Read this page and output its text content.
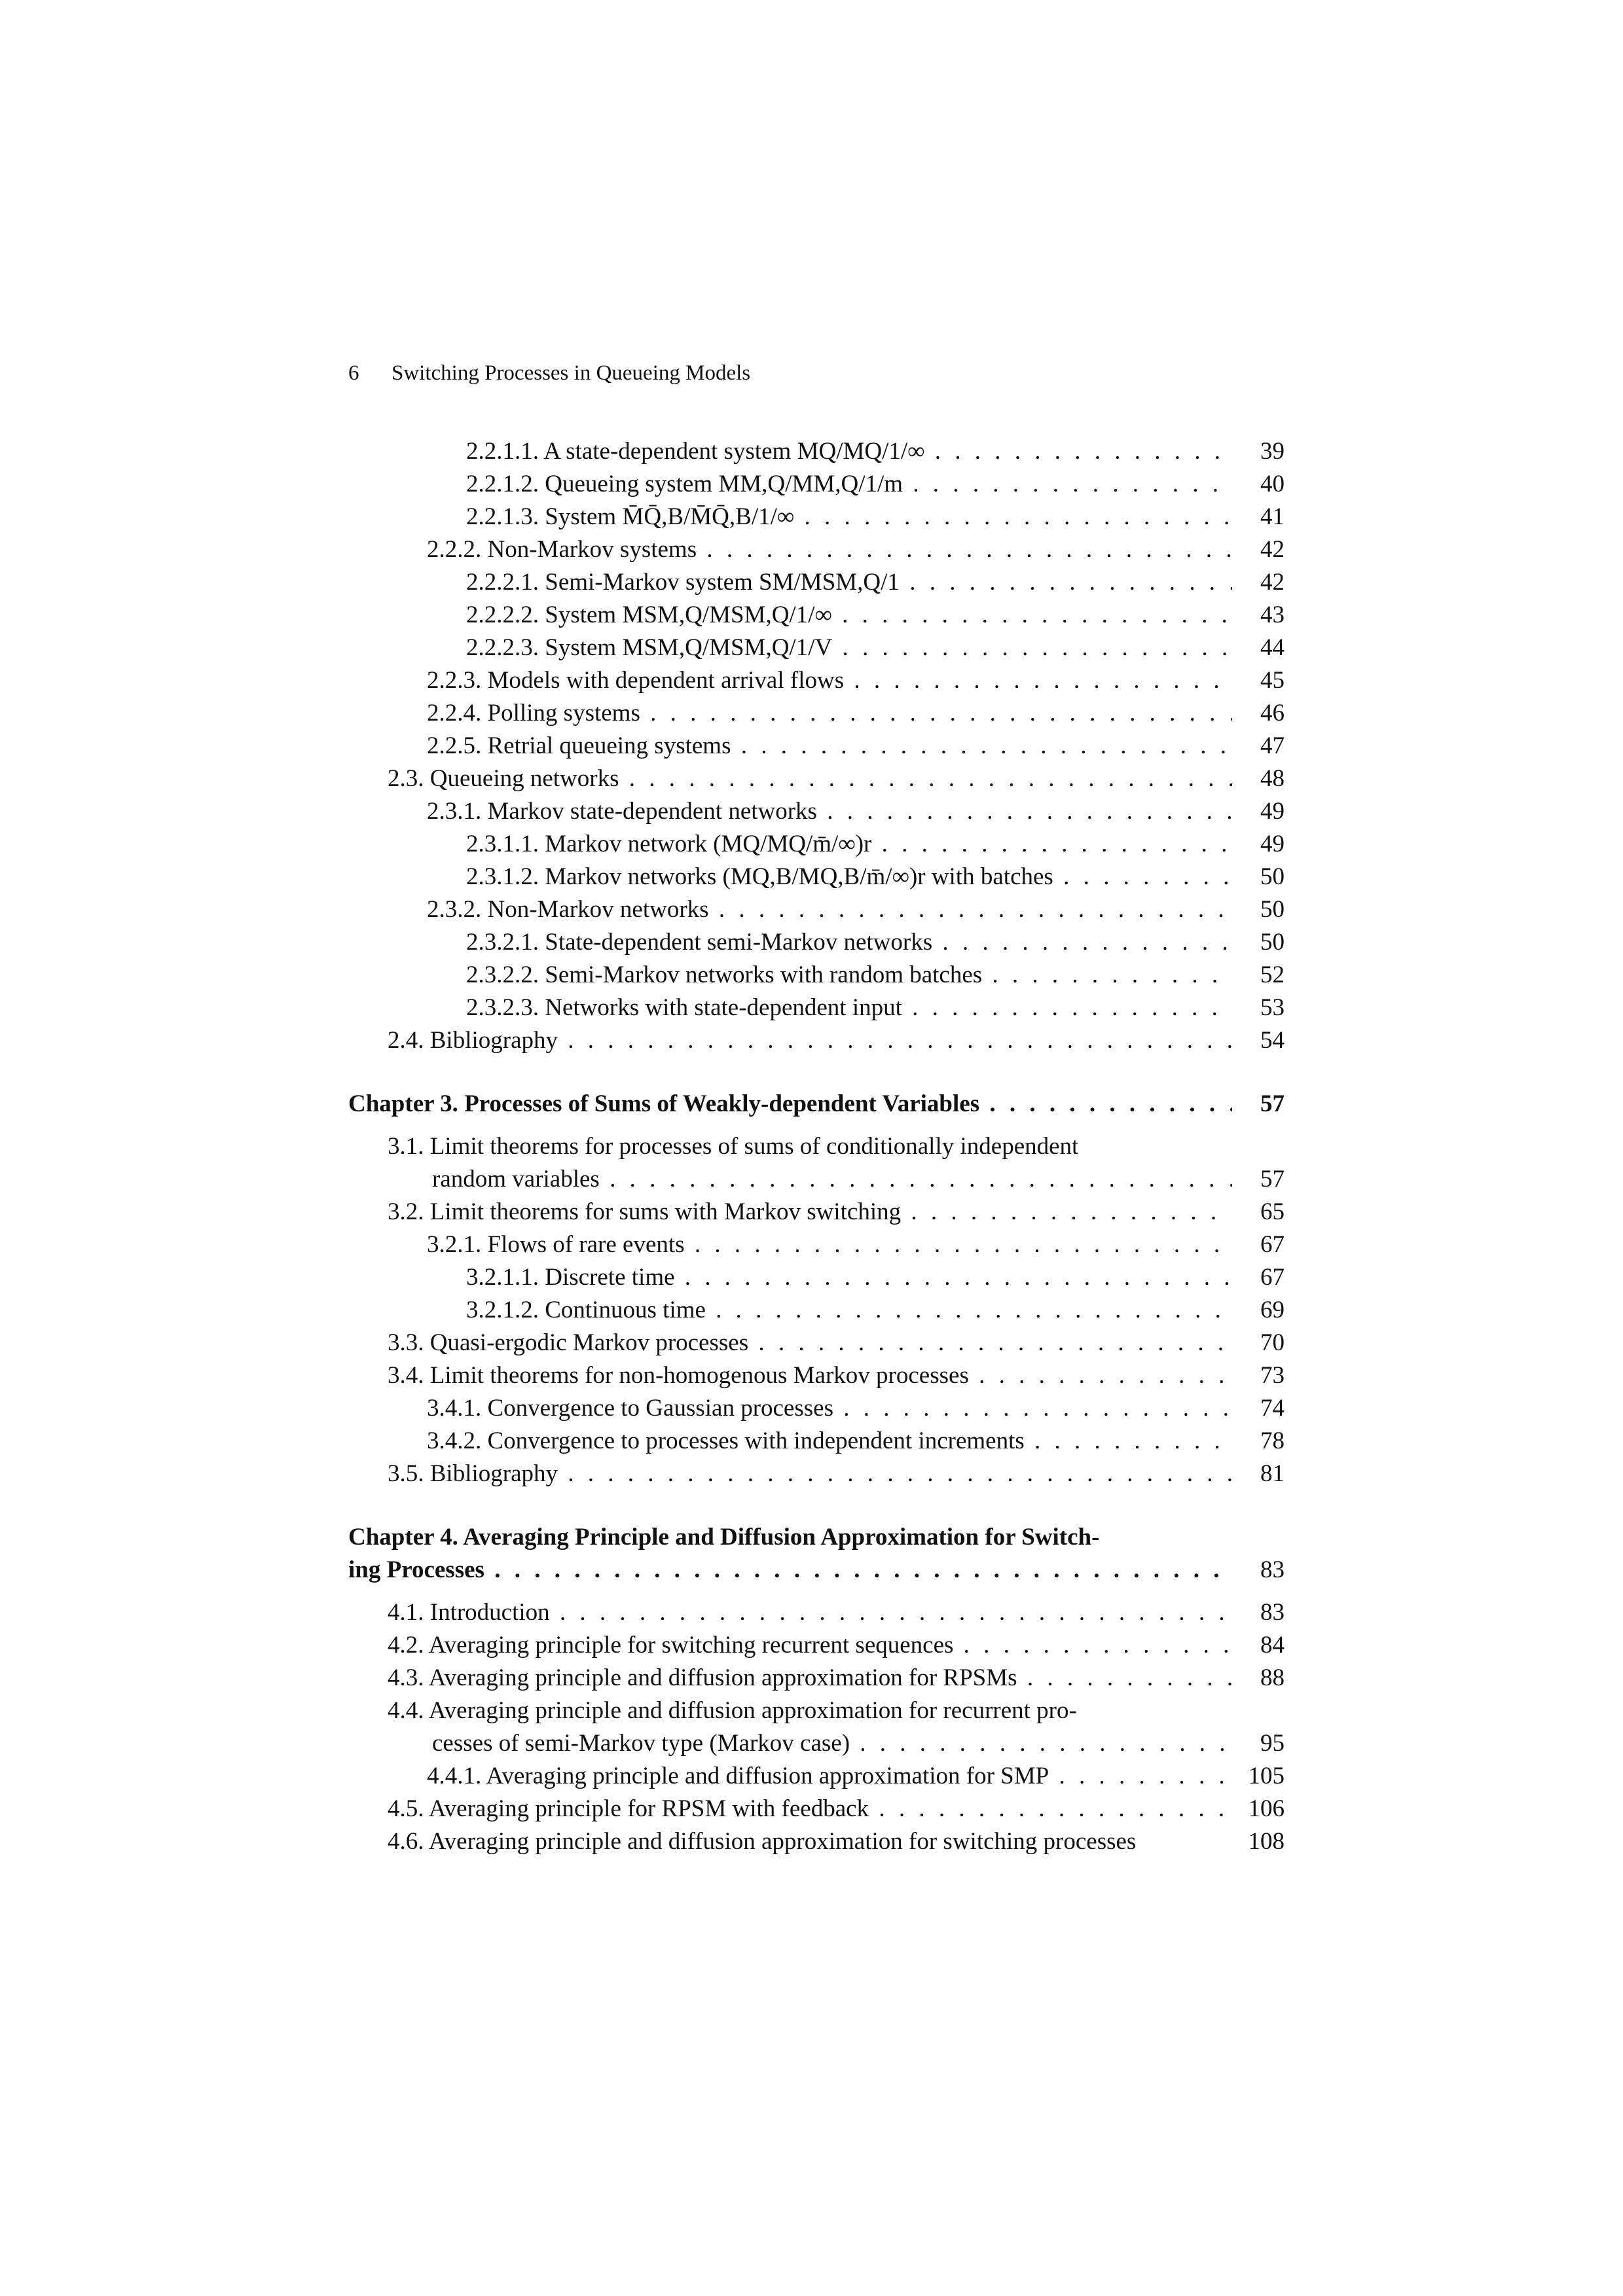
6 Switching Processes in Queueing Models
2.2.1.1. A state-dependent system MQ/MQ/1/∞ . . .	39
2.2.1.2. Queueing system MM,Q/MM,Q/1/m . . .	40
2.2.1.3. System M̄Q̄,B/M̄Q̄,B/1/∞ . . .	41
2.2.2. Non-Markov systems . . .	42
2.2.2.1. Semi-Markov system SM/MSM,Q/1 . . .	42
2.2.2.2. System MSM,Q/MSM,Q/1/∞ . . .	43
2.2.2.3. System MSM,Q/MSM,Q/1/V . . .	44
2.2.3. Models with dependent arrival flows . . .	45
2.2.4. Polling systems . . .	46
2.2.5. Retrial queueing systems . . .	47
2.3. Queueing networks . . .	48
2.3.1. Markov state-dependent networks . . .	49
2.3.1.1. Markov network (MQ/MQ/m̄/∞)r . . .	49
2.3.1.2. Markov networks (MQ,B/MQ,B/m̄/∞)r with batches . . .	50
2.3.2. Non-Markov networks . . .	50
2.3.2.1. State-dependent semi-Markov networks . . .	50
2.3.2.2. Semi-Markov networks with random batches . . .	52
2.3.2.3. Networks with state-dependent input . . .	53
2.4. Bibliography . . .	54
Chapter 3. Processes of Sums of Weakly-dependent Variables . . .	57
3.1. Limit theorems for processes of sums of conditionally independent
random variables . . .	57
3.2. Limit theorems for sums with Markov switching . . .	65
3.2.1. Flows of rare events . . .	67
3.2.1.1. Discrete time . . .	67
3.2.1.2. Continuous time . . .	69
3.3. Quasi-ergodic Markov processes . . .	70
3.4. Limit theorems for non-homogenous Markov processes . . .	73
3.4.1. Convergence to Gaussian processes . . .	74
3.4.2. Convergence to processes with independent increments . . .	78
3.5. Bibliography . . .	81
Chapter 4. Averaging Principle and Diffusion Approximation for Switch-
ing Processes . . .	83
4.1. Introduction . . .	83
4.2. Averaging principle for switching recurrent sequences . . .	84
4.3. Averaging principle and diffusion approximation for RPSMs . . .	88
4.4. Averaging principle and diffusion approximation for recurrent pro-
cesses of semi-Markov type (Markov case) . . .	95
4.4.1. Averaging principle and diffusion approximation for SMP . . .	105
4.5. Averaging principle for RPSM with feedback . . .	106
4.6. Averaging principle and diffusion approximation for switching processes	108
